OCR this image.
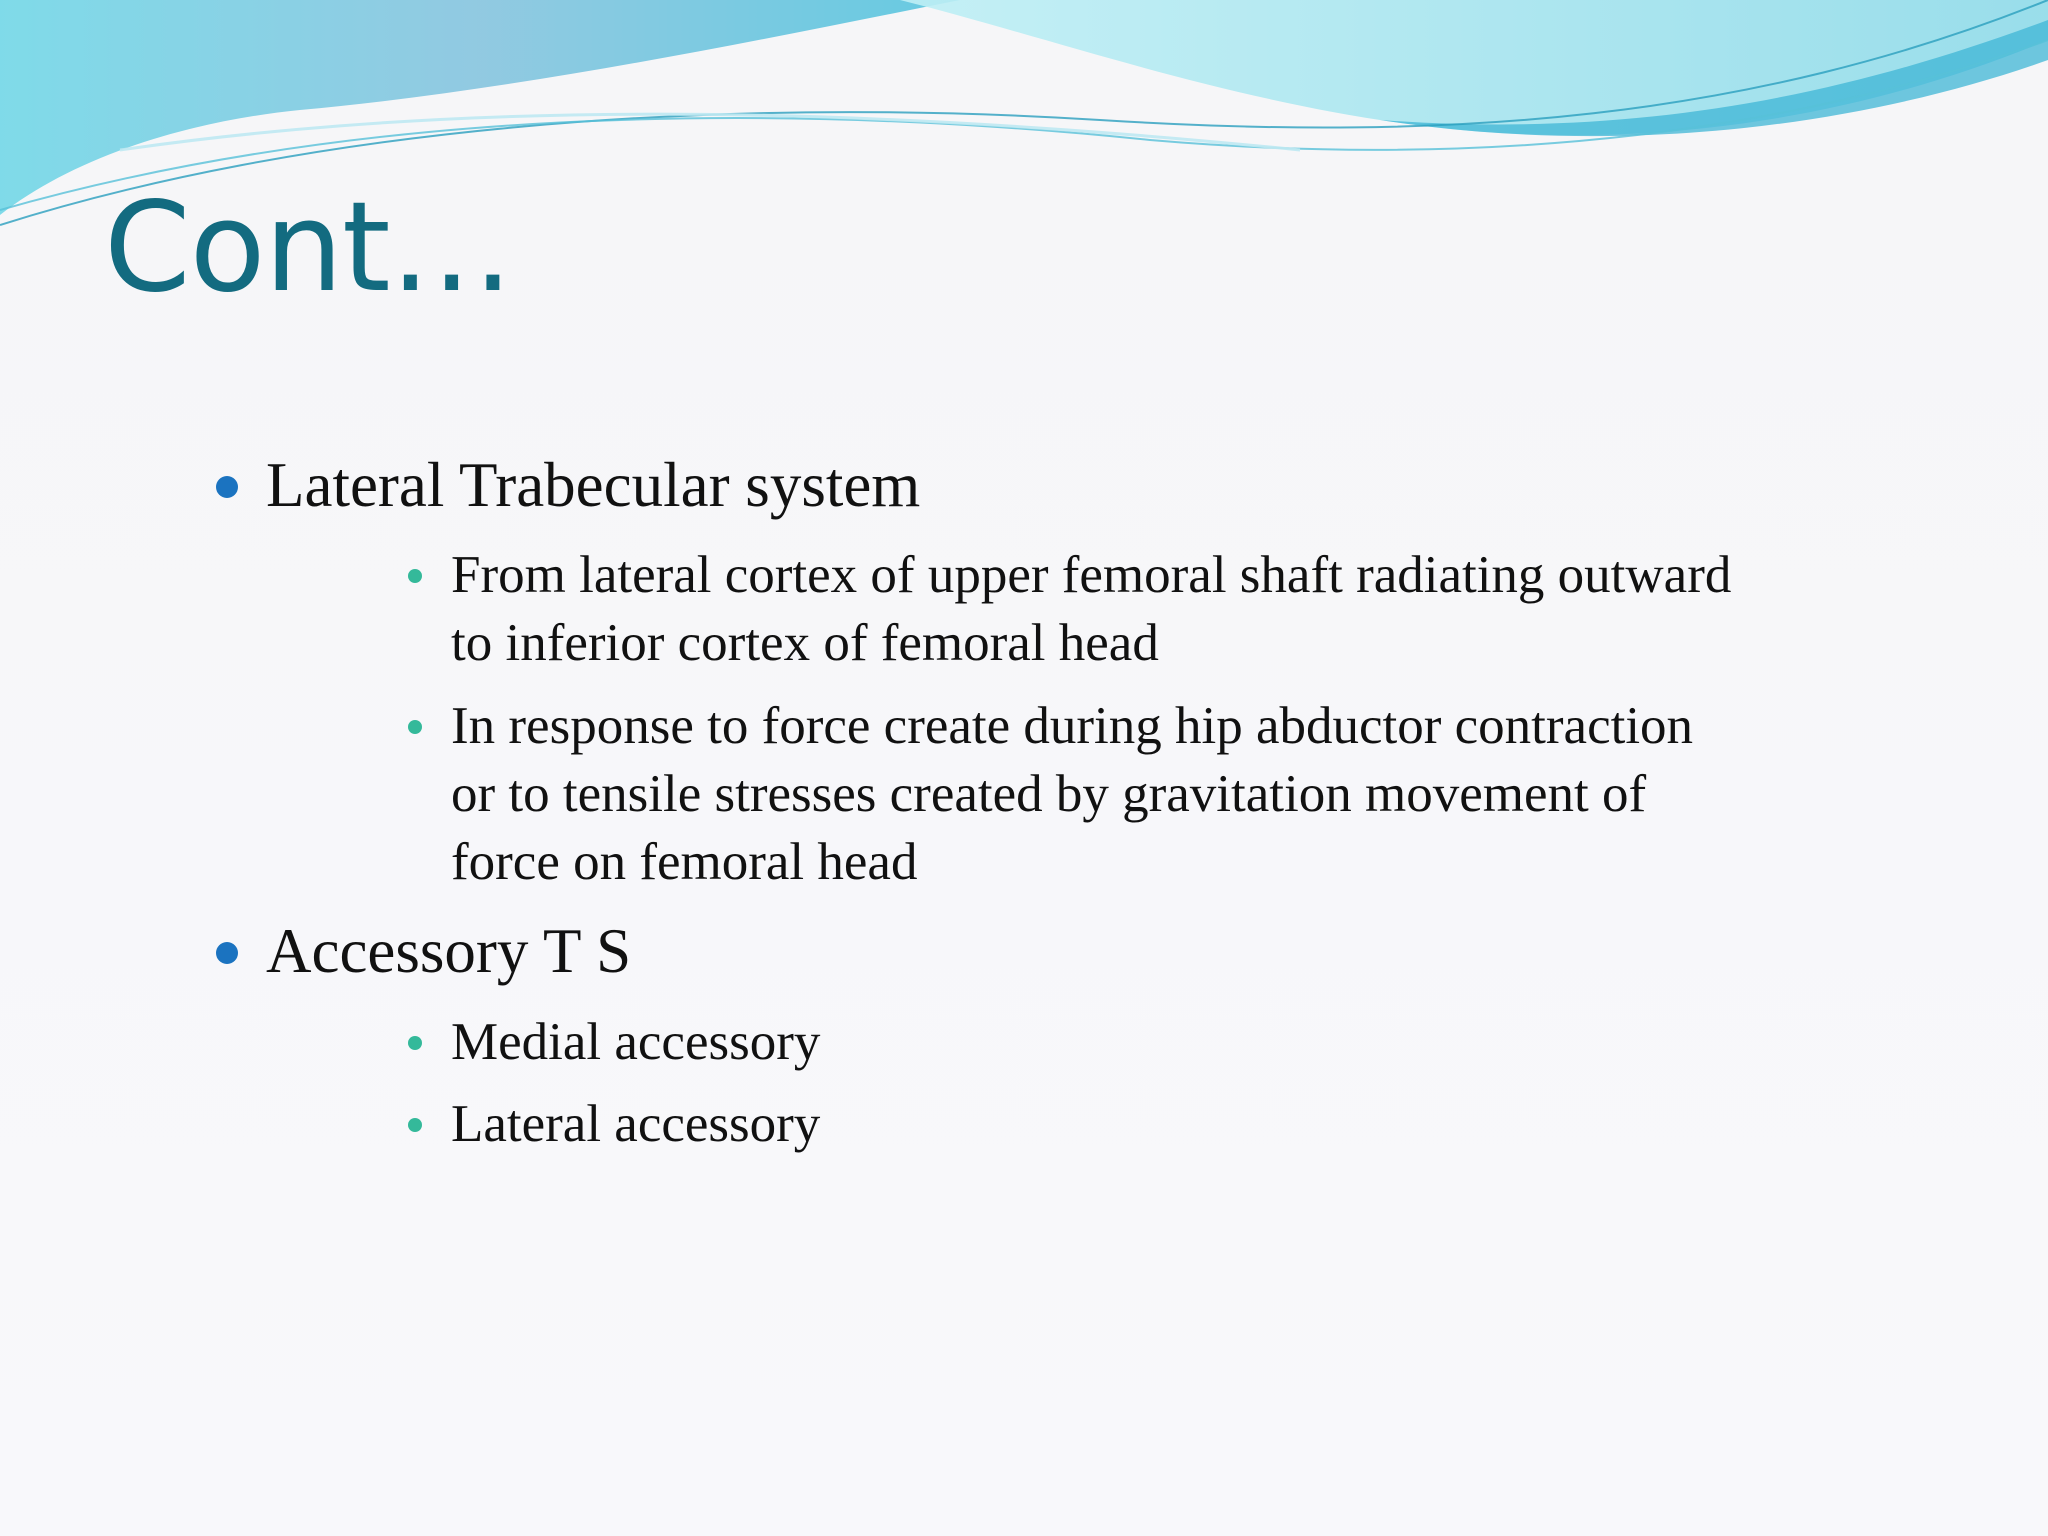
Cont…
Lateral Trabecular system
From lateral cortex of upper femoral shaft radiating outward
to inferior cortex of femoral head
In response to force create during hip abductor contraction
or to tensile stresses created by gravitation movement of
force on femoral head
Accessory T S
Medial accessory
Lateral accessory
